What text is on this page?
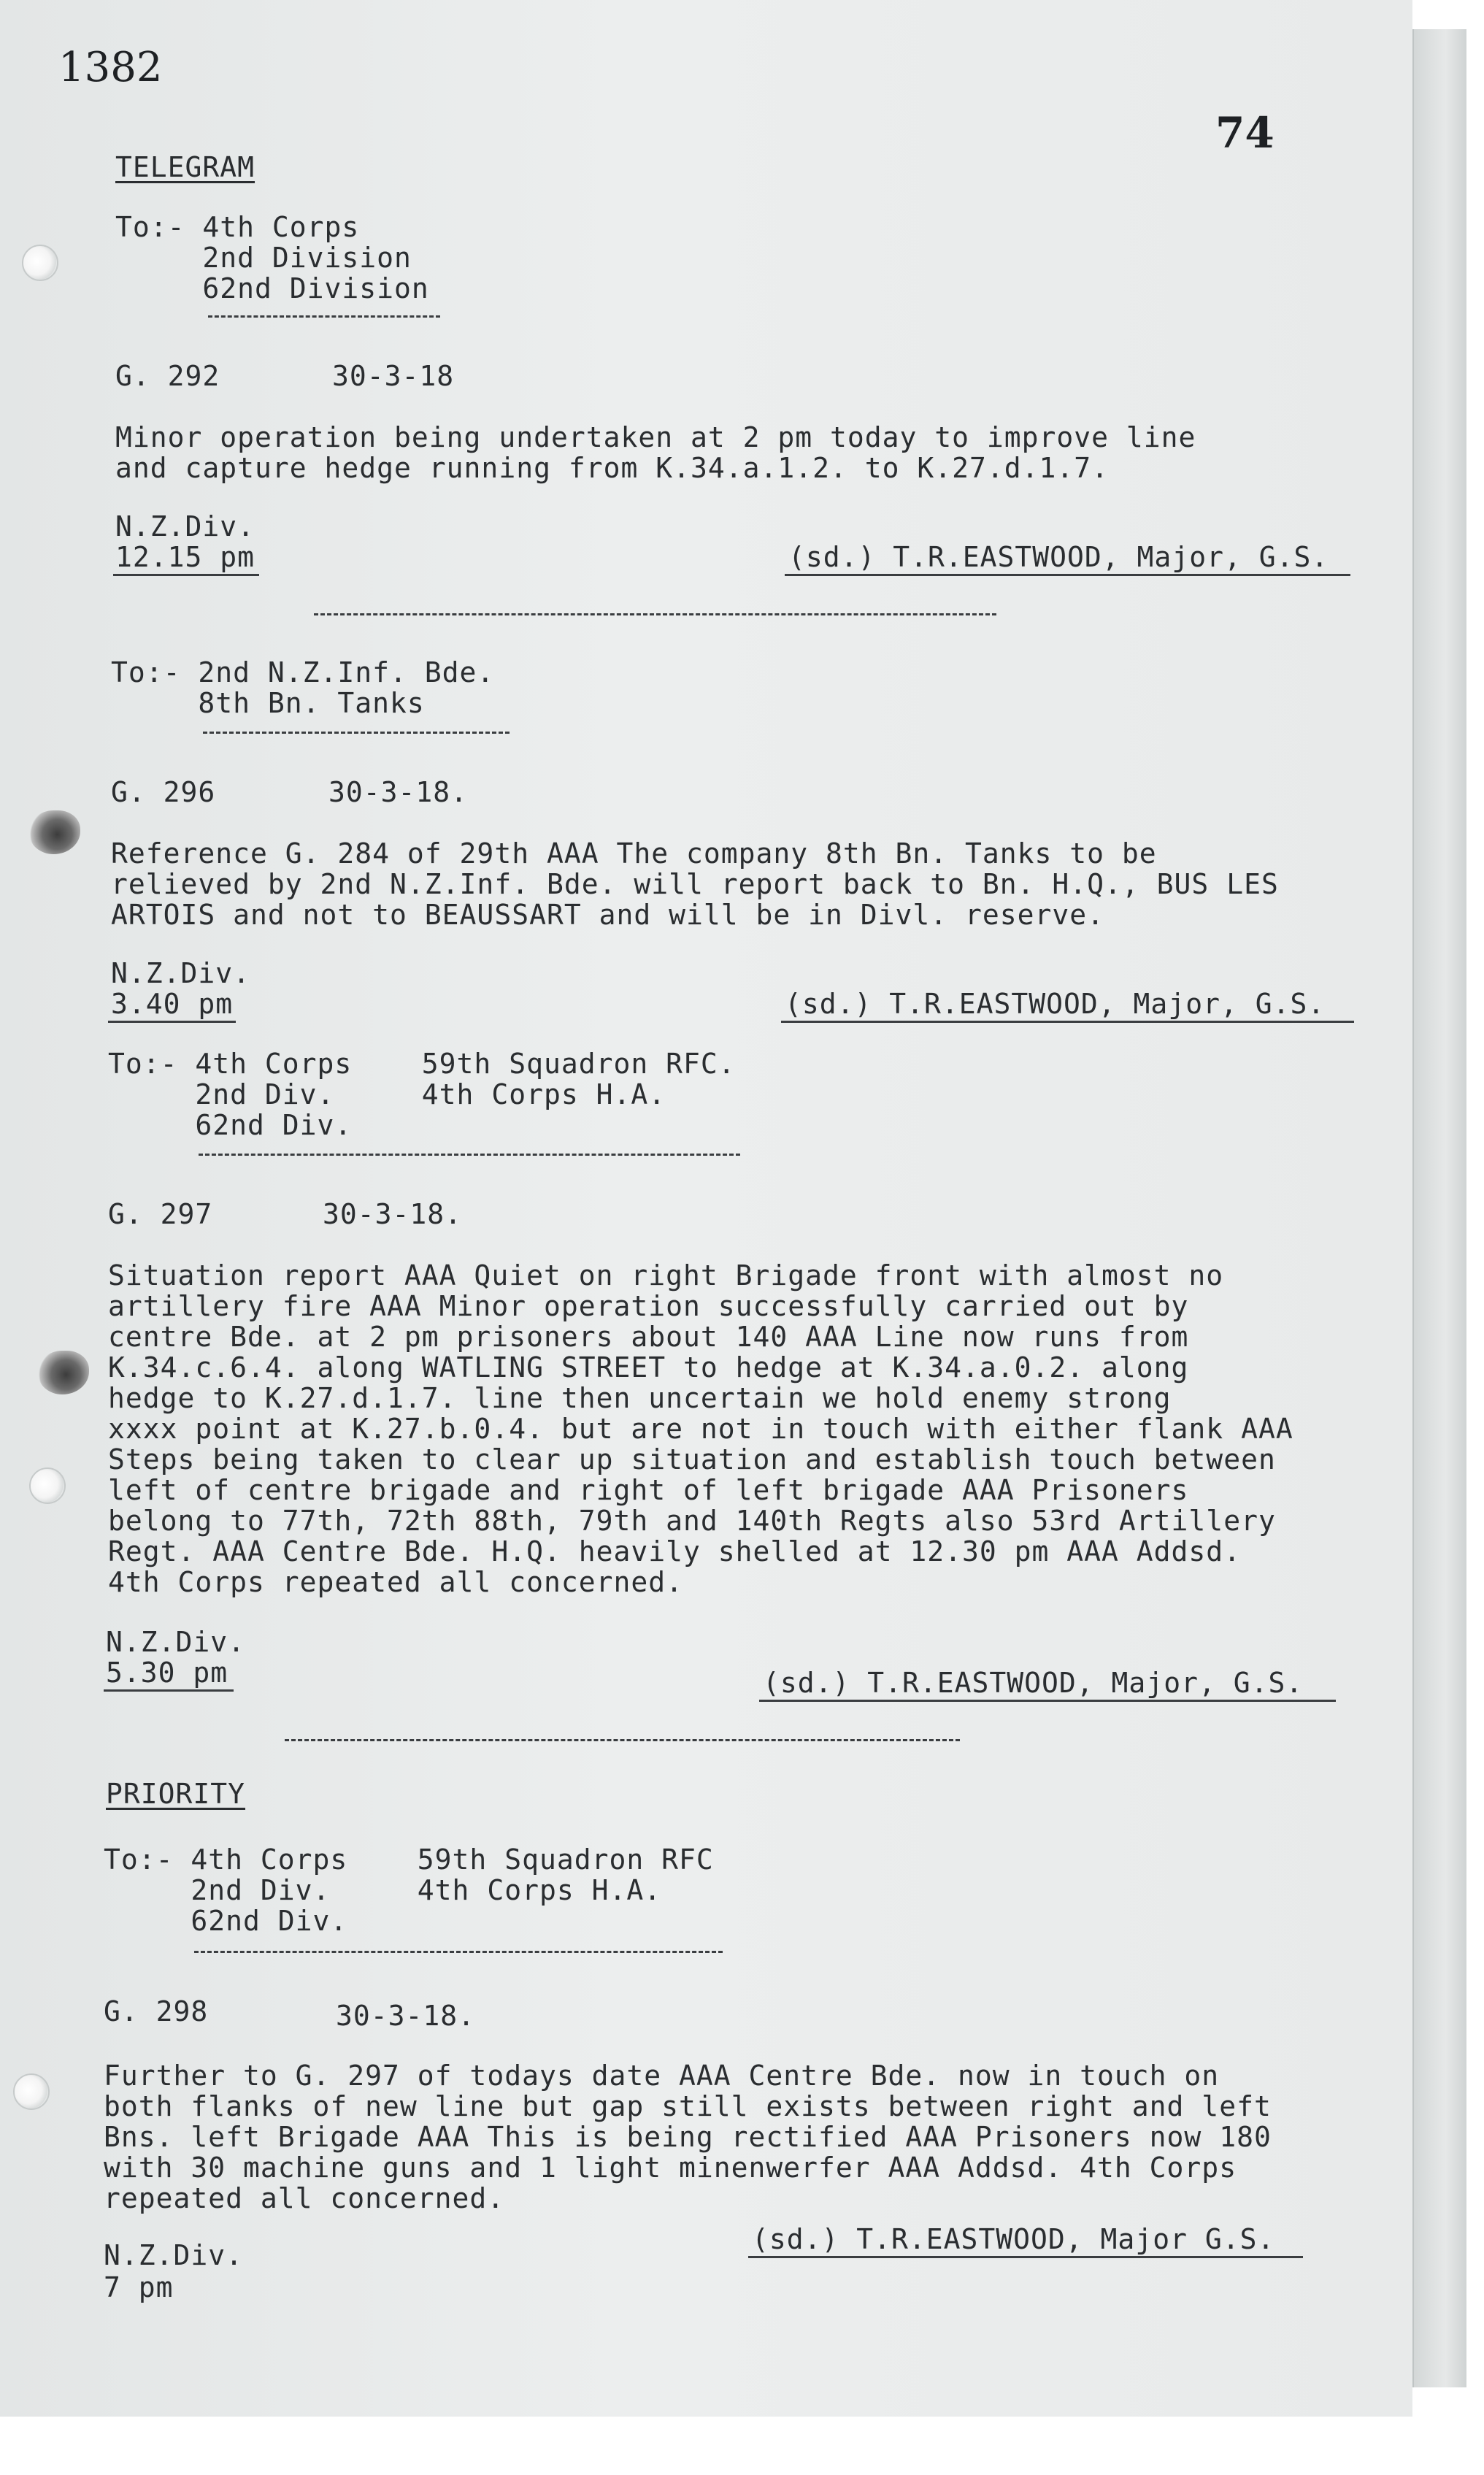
1382
74
TELEGRAM
To:- 4th Corps
2nd Division
62nd Division
G. 292	30-3-18
Minor operation being undertaken at 2 pm today to improve line
and capture hedge running from K.34.a.1.2. to K.27.d.1.7.
N.Z.Div.
12.15 pm	(sd.) T.R.EASTWOOD, Major, G.S.
To:- 2nd N.Z.Inf. Bde.
8th Bn. Tanks
G. 296	30-3-18.
Reference G. 284 of 29th AAA The company 8th Bn. Tanks to be
relieved by 2nd N.Z.Inf. Bde. will report back to Bn. H.Q., BUS LES
ARTOIS and not to BEAUSSART and will be in Divl. reserve.
N.Z.Div.
3.40 pm	(sd.) T.R.EASTWOOD, Major, G.S.
To:- 4th Corps    59th Squadron RFC.
2nd Div.     4th Corps H.A.
62nd Div.
G. 297	30-3-18.
Situation report AAA Quiet on right Brigade front with almost no
artillery fire AAA Minor operation successfully carried out by
centre Bde. at 2 pm prisoners about 140 AAA Line now runs from
K.34.c.6.4. along WATLING STREET to hedge at K.34.a.0.2. along
hedge to K.27.d.1.7. line then uncertain we hold enemy strong
xxxx point at K.27.b.0.4. but are not in touch with either flank AAA
Steps being taken to clear up situation and establish touch between
left of centre brigade and right of left brigade AAA Prisoners
belong to 77th, 72th 88th, 79th and 140th Regts also 53rd Artillery
Regt. AAA Centre Bde. H.Q. heavily shelled at 12.30 pm AAA Addsd.
4th Corps repeated all concerned.
N.Z.Div.
5.30 pm	(sd.) T.R.EASTWOOD, Major, G.S.
PRIORITY
To:- 4th Corps    59th Squadron RFC
2nd Div.     4th Corps H.A.
62nd Div.
G. 298	30-3-18.
Further to G. 297 of todays date AAA Centre Bde. now in touch on
both flanks of new line but gap still exists between right and left
Bns. left Brigade AAA This is being rectified AAA Prisoners now 180
with 30 machine guns and 1 light minenwerfer AAA Addsd. 4th Corps
repeated all concerned.
N.Z.Div.
7 pm
(sd.) T.R.EASTWOOD, Major G.S.
